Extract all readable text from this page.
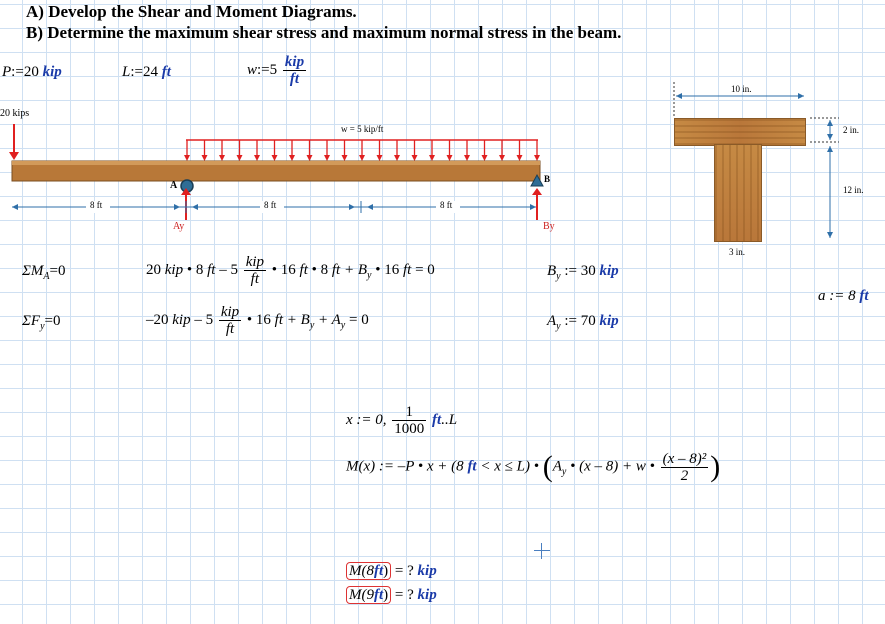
A) Develop the Shear and Moment Diagrams.
B) Determine the maximum shear stress and maximum normal stress in the beam.
P:=20 kip	L:=24 ft	w:=5 $\frac{\text{kip}}{ft}$
20 kips
w = 5 kip/ft
A
B
Ay	By
8 ft	8 ft	8 ft
10 in.
2 in.
12 in.
3 in.
$\Sigma M_A=0$	20 kip • 8 ft – $5 \frac{\text{kip}}{ft}$ • 16 ft • 8 ft + $B_y$ • 16 ft = 0	$B_y$ := 30 kip
a := 8 ft
$\Sigma F_y=0$	–20 kip – $5 \frac{\text{kip}}{ft}$ • 16 ft + $B_y + A_y = 0$	$A_y$ := 70 kip
x := 0, $\frac{1}{1000} ft..L$
M(x) := –P • x + (8 ft < x ≤ L) • ($A_y$ • (x – 8) + w • $\frac{\text{(x – 8)²}}{2}$ )
M(8ft) = ? kip
M(9ft) = ? kip
